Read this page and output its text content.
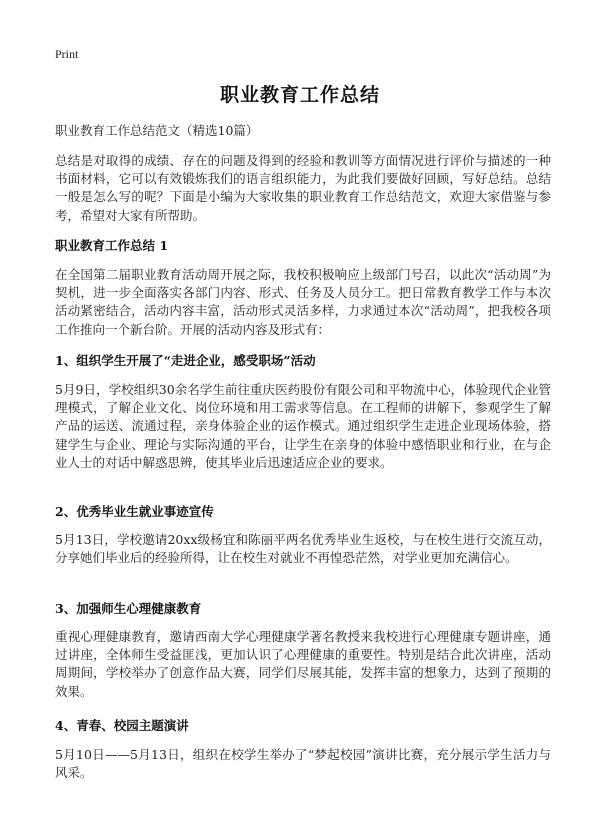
Print
职业教育工作总结
职业教育工作总结范文（精选10篇）
总结是对取得的成绩、存在的问题及得到的经验和教训等方面情况进行评价与描述的一种书面材料，它可以有效锻炼我们的语言组织能力，为此我们要做好回顾，写好总结。总结一般是怎么写的呢？下面是小编为大家收集的职业教育工作总结范文，欢迎大家借鉴与参考，希望对大家有所帮助。
职业教育工作总结 1
在全国第二届职业教育活动周开展之际，我校积极响应上级部门号召，以此次“活动周”为契机，进一步全面落实各部门内容、形式、任务及人员分工。把日常教育教学工作与本次活动紧密结合，活动内容丰富，活动形式灵活多样，力求通过本次“活动周”，把我校各项工作推向一个新台阶。开展的活动内容及形式有：
1、组织学生开展了“走进企业，感受职场”活动
5月9日，学校组织30余名学生前往重庆医药股份有限公司和平物流中心，体验现代企业管理模式，了解企业文化、岗位环境和用工需求等信息。在工程师的讲解下，参观学生了解产品的运送、流通过程，亲身体验企业的运作模式。通过组织学生走进企业现场体验，搭建学生与企业、理论与实际沟通的平台，让学生在亲身的体验中感悟职业和行业，在与企业人士的对话中解惑思辨，使其毕业后迅速适应企业的要求。
2、优秀毕业生就业事迹宣传
5月13日，学校邀请20xx级杨宜和陈丽平两名优秀毕业生返校，与在校生进行交流互动，分享她们毕业后的经验所得，让在校生对就业不再惶恐茫然，对学业更加充满信心。
3、加强师生心理健康教育
重视心理健康教育，邀请西南大学心理健康学著名教授来我校进行心理健康专题讲座，通过讲座，全体师生受益匪浅，更加认识了心理健康的重要性。特别是结合此次讲座，活动周期间，学校举办了创意作品大赛，同学们尽展其能，发挥丰富的想象力，达到了预期的效果。
4、青春、校园主题演讲
5月10日——5月13日，组织在校学生举办了“梦起校园”演讲比赛，充分展示学生活力与风采。
